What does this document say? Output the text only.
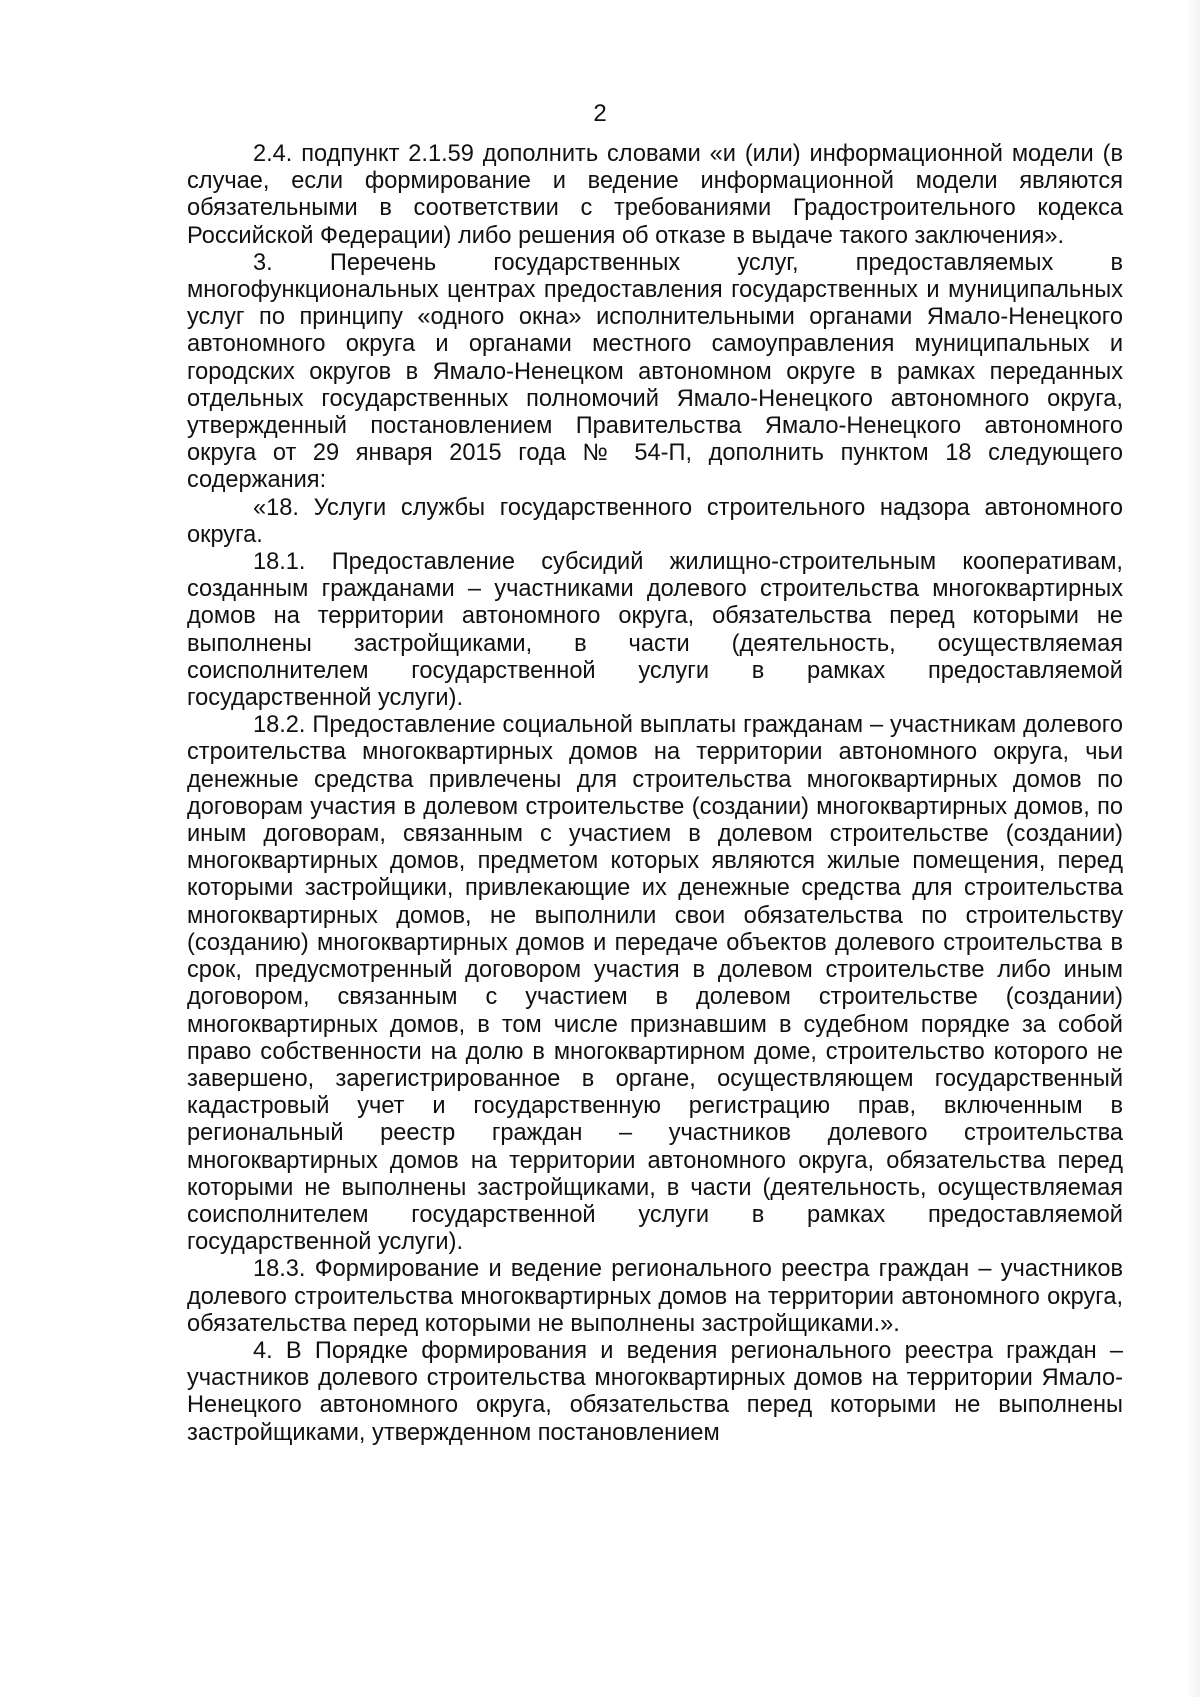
2

2.4. подпункт 2.1.59 дополнить словами «и (или) информационной модели (в случае, если формирование и ведение информационной модели являются обязательными в соответствии с требованиями Градостроительного кодекса Российской Федерации) либо решения об отказе в выдаче такого заключения».

3. Перечень государственных услуг, предоставляемых в многофункциональных центрах предоставления государственных и муниципальных услуг по принципу «одного окна» исполнительными органами Ямало-Ненецкого автономного округа и органами местного самоуправления муниципальных и городских округов в Ямало-Ненецком автономном округе в рамках переданных отдельных государственных полномочий Ямало-Ненецкого автономного округа, утвержденный постановлением Правительства Ямало-Ненецкого автономного округа от 29 января 2015 года № 54-П, дополнить пунктом 18 следующего содержания:

«18. Услуги службы государственного строительного надзора автономного округа.

18.1. Предоставление субсидий жилищно-строительным кооперативам, созданным гражданами – участниками долевого строительства многоквартирных домов на территории автономного округа, обязательства перед которыми не выполнены застройщиками, в части (деятельность, осуществляемая соисполнителем государственной услуги в рамках предоставляемой государственной услуги).

18.2. Предоставление социальной выплаты гражданам – участникам долевого строительства многоквартирных домов на территории автономного округа, чьи денежные средства привлечены для строительства многоквартирных домов по договорам участия в долевом строительстве (создании) многоквартирных домов, по иным договорам, связанным с участием в долевом строительстве (создании) многоквартирных домов, предметом которых являются жилые помещения, перед которыми застройщики, привлекающие их денежные средства для строительства многоквартирных домов, не выполнили свои обязательства по строительству (созданию) многоквартирных домов и передаче объектов долевого строительства в срок, предусмотренный договором участия в долевом строительстве либо иным договором, связанным с участием в долевом строительстве (создании) многоквартирных домов, в том числе признавшим в судебном порядке за собой право собственности на долю в многоквартирном доме, строительство которого не завершено, зарегистрированное в органе, осуществляющем государственный кадастровый учет и государственную регистрацию прав, включенным в региональный реестр граждан – участников долевого строительства многоквартирных домов на территории автономного округа, обязательства перед которыми не выполнены застройщиками, в части (деятельность, осуществляемая соисполнителем государственной услуги в рамках предоставляемой государственной услуги).

18.3. Формирование и ведение регионального реестра граждан – участников долевого строительства многоквартирных домов на территории автономного округа, обязательства перед которыми не выполнены застройщиками.».

4. В Порядке формирования и ведения регионального реестра граждан – участников долевого строительства многоквартирных домов на территории Ямало-Ненецкого автономного округа, обязательства перед которыми не выполнены застройщиками, утвержденном постановлением
